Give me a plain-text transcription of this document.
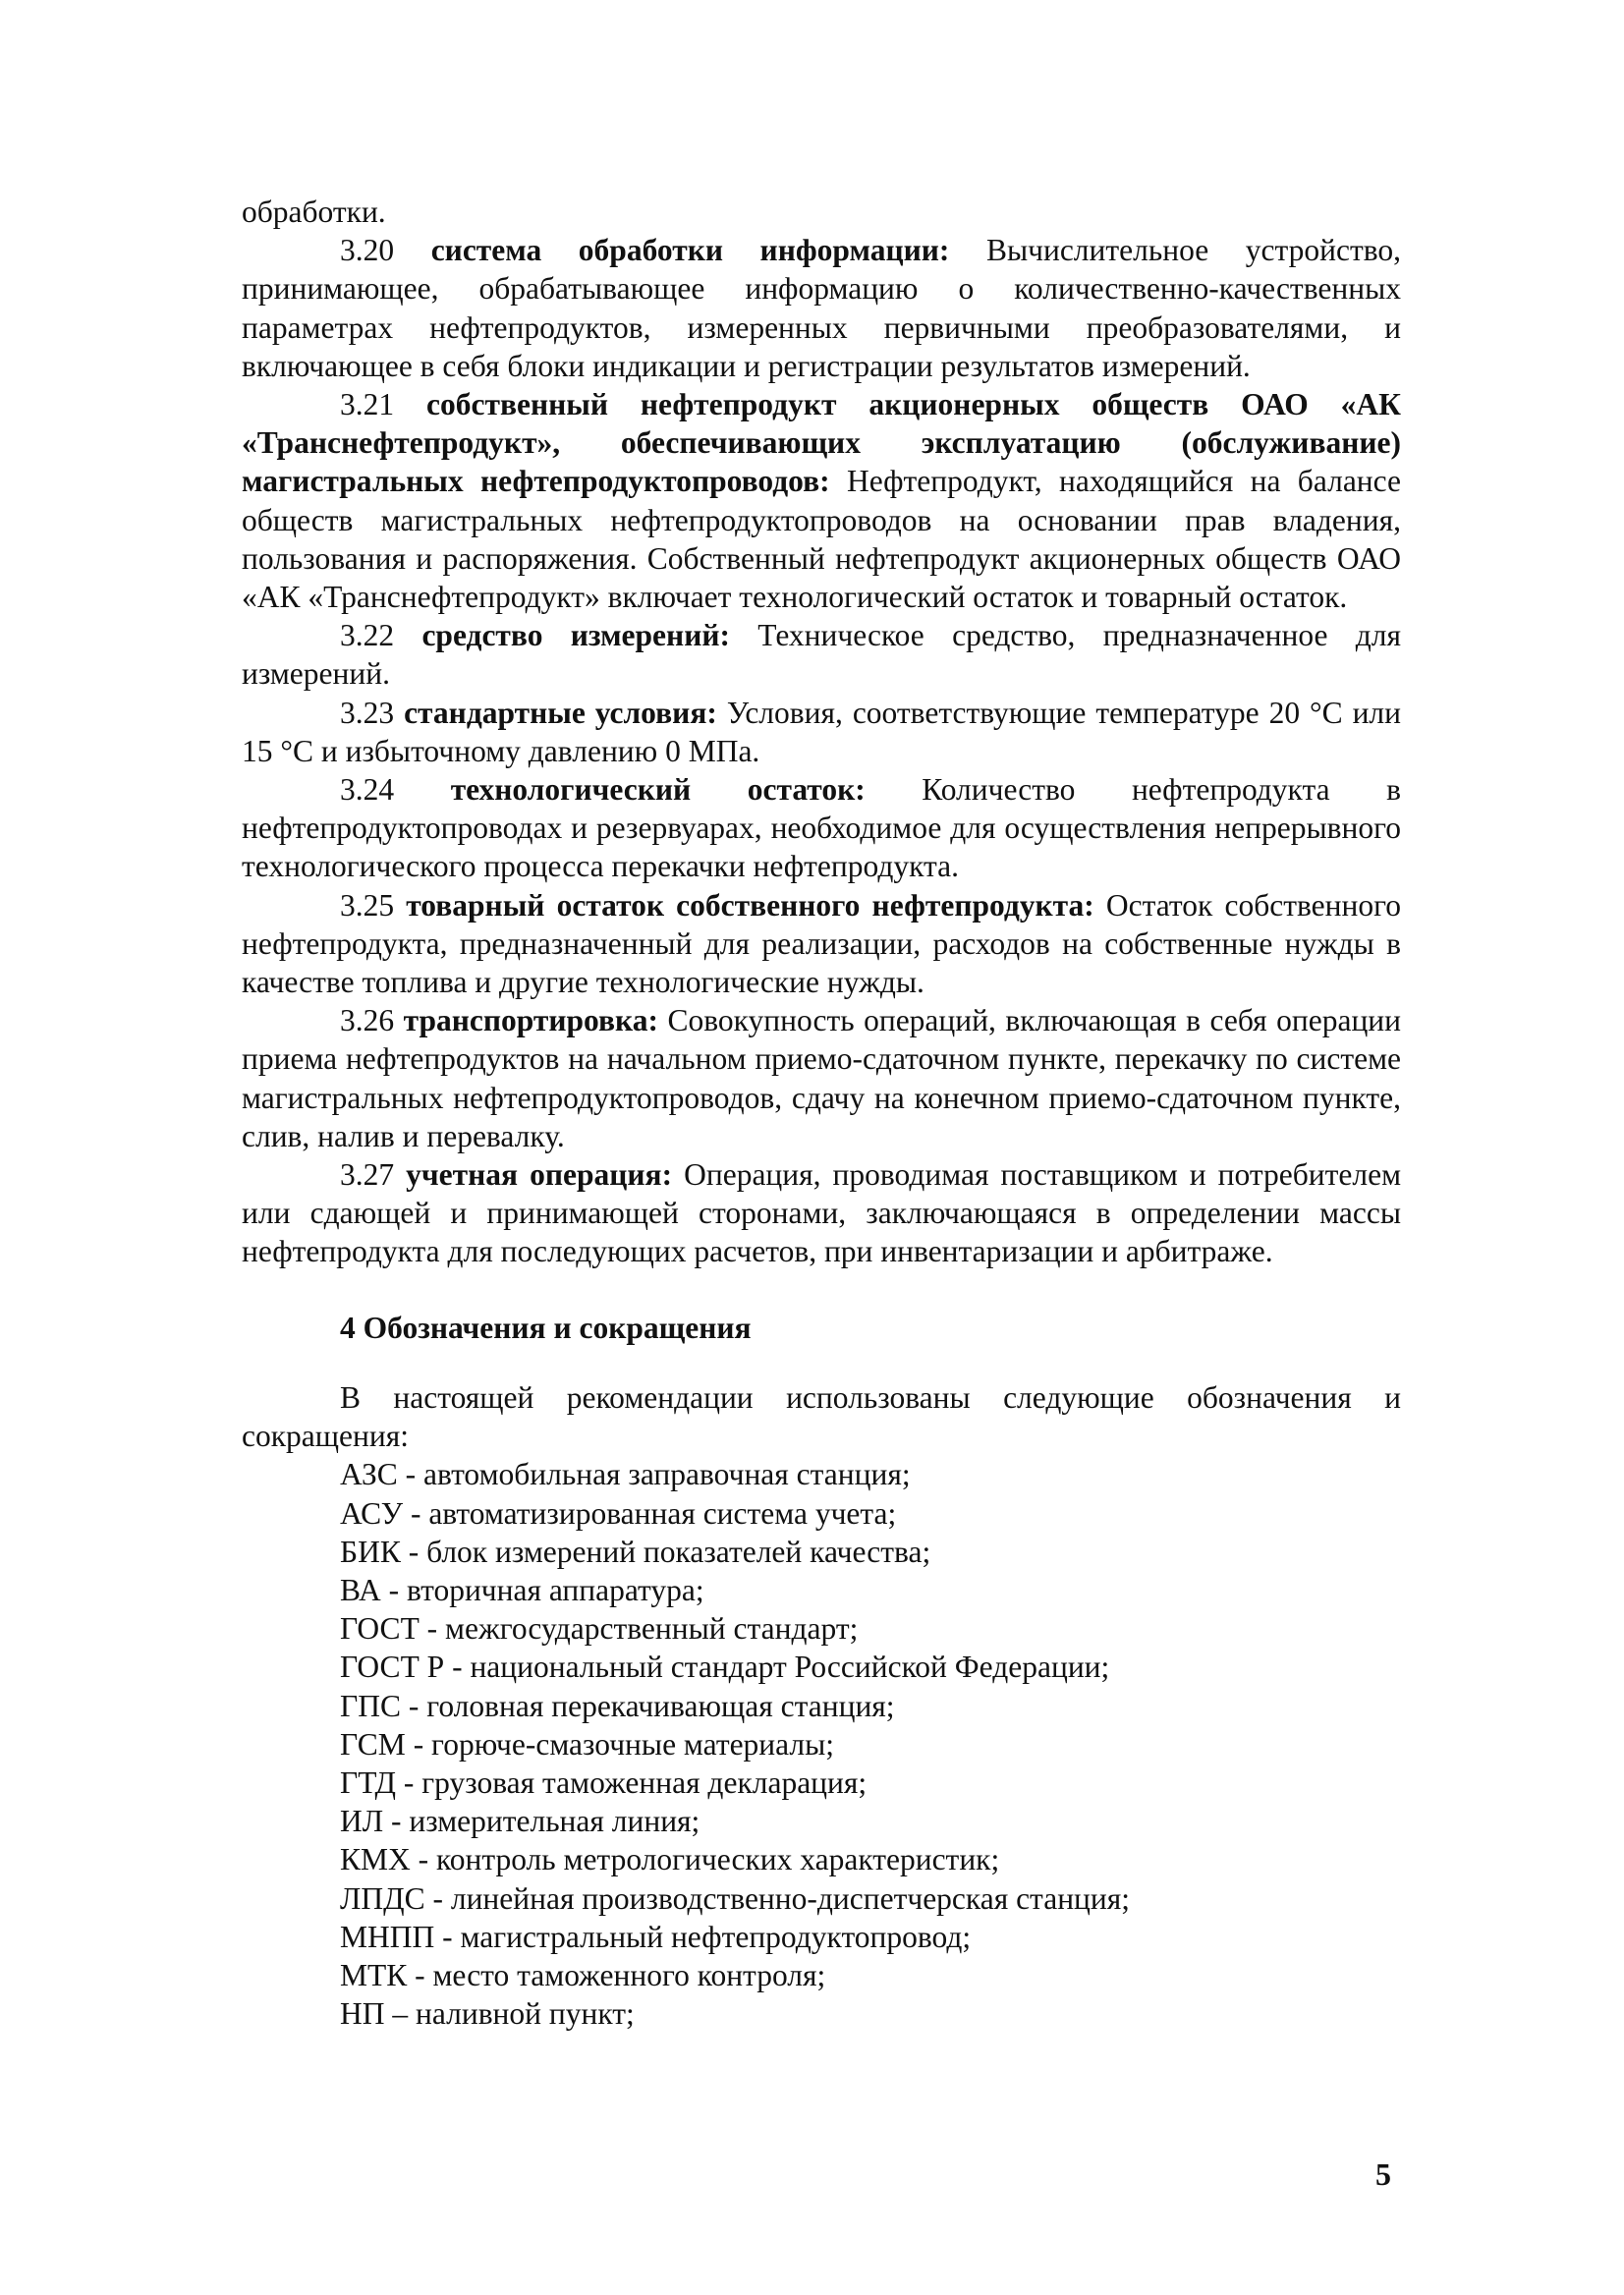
обработки.

3.20 система обработки информации: Вычислительное устройство, принимающее, обрабатывающее информацию о количественно-качественных параметрах нефтепродуктов, измеренных первичными преобразователями, и включающее в себя блоки индикации и регистрации результатов измерений.

3.21 собственный нефтепродукт акционерных обществ ОАО «АК «Транснефтепродукт», обеспечивающих эксплуатацию (обслуживание) магистральных нефтепродуктопроводов: Нефтепродукт, находящийся на балансе обществ магистральных нефтепродуктопроводов на основании прав владения, пользования и распоряжения. Собственный нефтепродукт акционерных обществ ОАО «АК «Транснефтепродукт» включает технологический остаток и товарный остаток.

3.22 средство измерений: Техническое средство, предназначенное для измерений.

3.23 стандартные условия: Условия, соответствующие температуре 20 °С или 15 °С и избыточному давлению 0 МПа.

3.24 технологический остаток: Количество нефтепродукта в нефтепродуктопроводах и резервуарах, необходимое для осуществления непрерывного технологического процесса перекачки нефтепродукта.

3.25 товарный остаток собственного нефтепродукта: Остаток собственного нефтепродукта, предназначенный для реализации, расходов на собственные нужды в качестве топлива и другие технологические нужды.

3.26 транспортировка: Совокупность операций, включающая в себя операции приема нефтепродуктов на начальном приемо-сдаточном пункте, перекачку по системе магистральных нефтепродуктопроводов, сдачу на конечном приемо-сдаточном пункте, слив, налив и перевалку.

3.27 учетная операция: Операция, проводимая поставщиком и потребителем или сдающей и принимающей сторонами, заключающаяся в определении массы нефтепродукта для последующих расчетов, при инвентаризации и арбитраже.

4 Обозначения и сокращения

В настоящей рекомендации использованы следующие обозначения и сокращения:

АЗС - автомобильная заправочная станция;

АСУ - автоматизированная система учета;

БИК - блок измерений показателей качества;

ВА - вторичная аппаратура;

ГОСТ - межгосударственный стандарт;

ГОСТ Р - национальный стандарт Российской Федерации;

ГПС - головная перекачивающая станция;

ГСМ - горюче-смазочные материалы;

ГТД - грузовая таможенная декларация;

ИЛ - измерительная линия;

КМХ - контроль метрологических характеристик;

ЛПДС - линейная производственно-диспетчерская станция;

МНПП - магистральный нефтепродуктопровод;

МТК - место таможенного контроля;

НП – наливной пункт;

5
